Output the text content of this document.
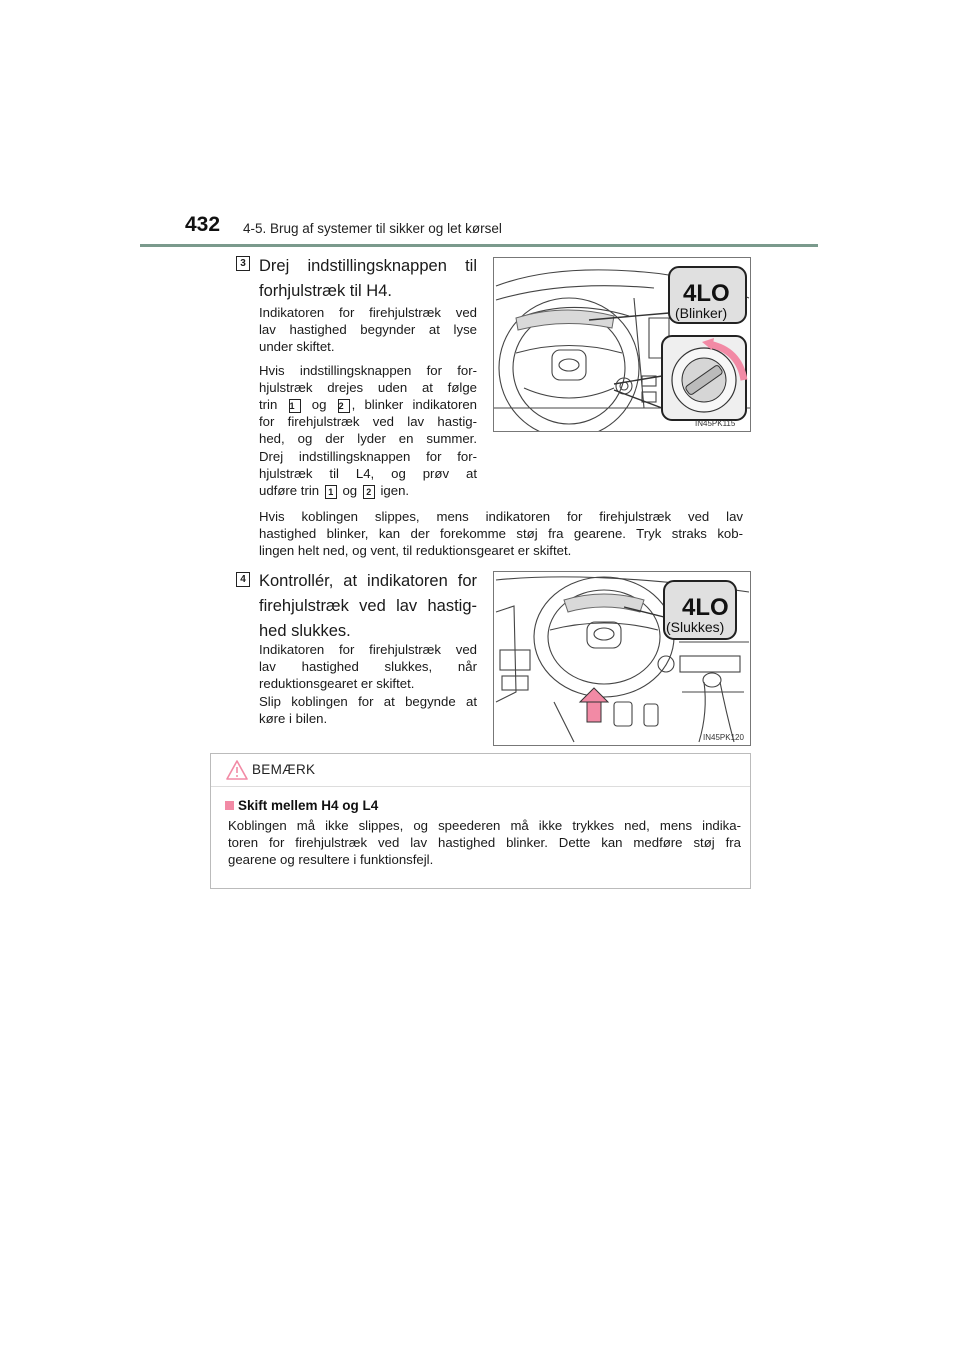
432 4-5. Brug af systemer til sikker og let kørsel
3 Drej indstillingsknappen til
forhjulstræk til H4.
Indikatoren for firehjulstræk ved
lav hastighed begynder at lyse
under skiftet.
Hvis indstillingsknappen for for-
hjulstræk drejes uden at følge
trin 1 og 2 , blinker indikatoren
for firehjulstræk ved lav hastig-
hed, og der lyder en summer.
Drej indstillingsknappen for for-
hjulstræk til L4, og prøv at
udføre trin 1 og 2 igen.
Hvis koblingen slippes, mens indikatoren for firehjulstræk ved lav
hastighed blinker, kan der forekomme støj fra gearene. Tryk straks kob-
lingen helt ned, og vent, til reduktionsgearet er skiftet.
4LO
(Blinker)
IN45PK115
4 Kontrollér, at indikatoren for
firehjulstræk ved lav hastig-
hed slukkes.
Indikatoren for firehjulstræk ved
lav hastighed slukkes, når
reduktionsgearet er skiftet.
Slip koblingen for at begynde at
køre i bilen.
4LO
(Slukkes)
IN45PK120
BEMÆRK
Skift mellem H4 og L4
Koblingen må ikke slippes, og speederen må ikke trykkes ned, mens indika-
toren for firehjulstræk ved lav hastighed blinker. Dette kan medføre støj fra
gearene og resultere i funktionsfejl.
